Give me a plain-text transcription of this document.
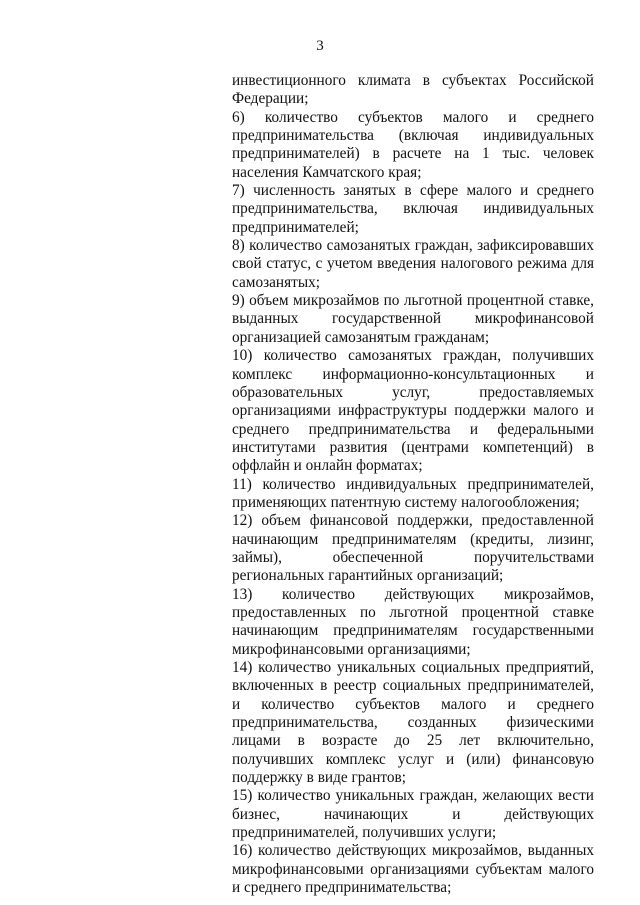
3

инвестиционного климата в субъектах Российской Федерации;

6) количество субъектов малого и среднего предпринимательства (включая индивидуальных предпринимателей) в расчете на 1 тыс. человек населения Камчатского края;

7) численность занятых в сфере малого и среднего предпринимательства, включая индивидуальных предпринимателей;

8) количество самозанятых граждан, зафиксировавших свой статус, с учетом введения налогового режима для самозанятых;

9) объем микрозаймов по льготной процентной ставке, выданных государственной микрофинансовой организацией самозанятым гражданам;

10) количество самозанятых граждан, получивших комплекс информационно-консультационных и образовательных услуг, предоставляемых организациями инфраструктуры поддержки малого и среднего предпринимательства и федеральными институтами развития (центрами компетенций) в оффлайн и онлайн форматах;

11) количество индивидуальных предпринимателей, применяющих патентную систему налогообложения;

12) объем финансовой поддержки, предоставленной начинающим предпринимателям (кредиты, лизинг, займы), обеспеченной поручительствами региональных гарантийных организаций;

13) количество действующих микрозаймов, предоставленных по льготной процентной ставке начинающим предпринимателям государственными микрофинансовыми организациями;

14) количество уникальных социальных предприятий, включенных в реестр социальных предпринимателей, и количество субъектов малого и среднего предпринимательства, созданных физическими лицами в возрасте до 25 лет включительно, получивших комплекс услуг и (или) финансовую поддержку в виде грантов;

15) количество уникальных граждан, желающих вести бизнес, начинающих и действующих предпринимателей, получивших услуги;

16) количество действующих микрозаймов, выданных микрофинансовыми организациями субъектам малого и среднего предпринимательства;
